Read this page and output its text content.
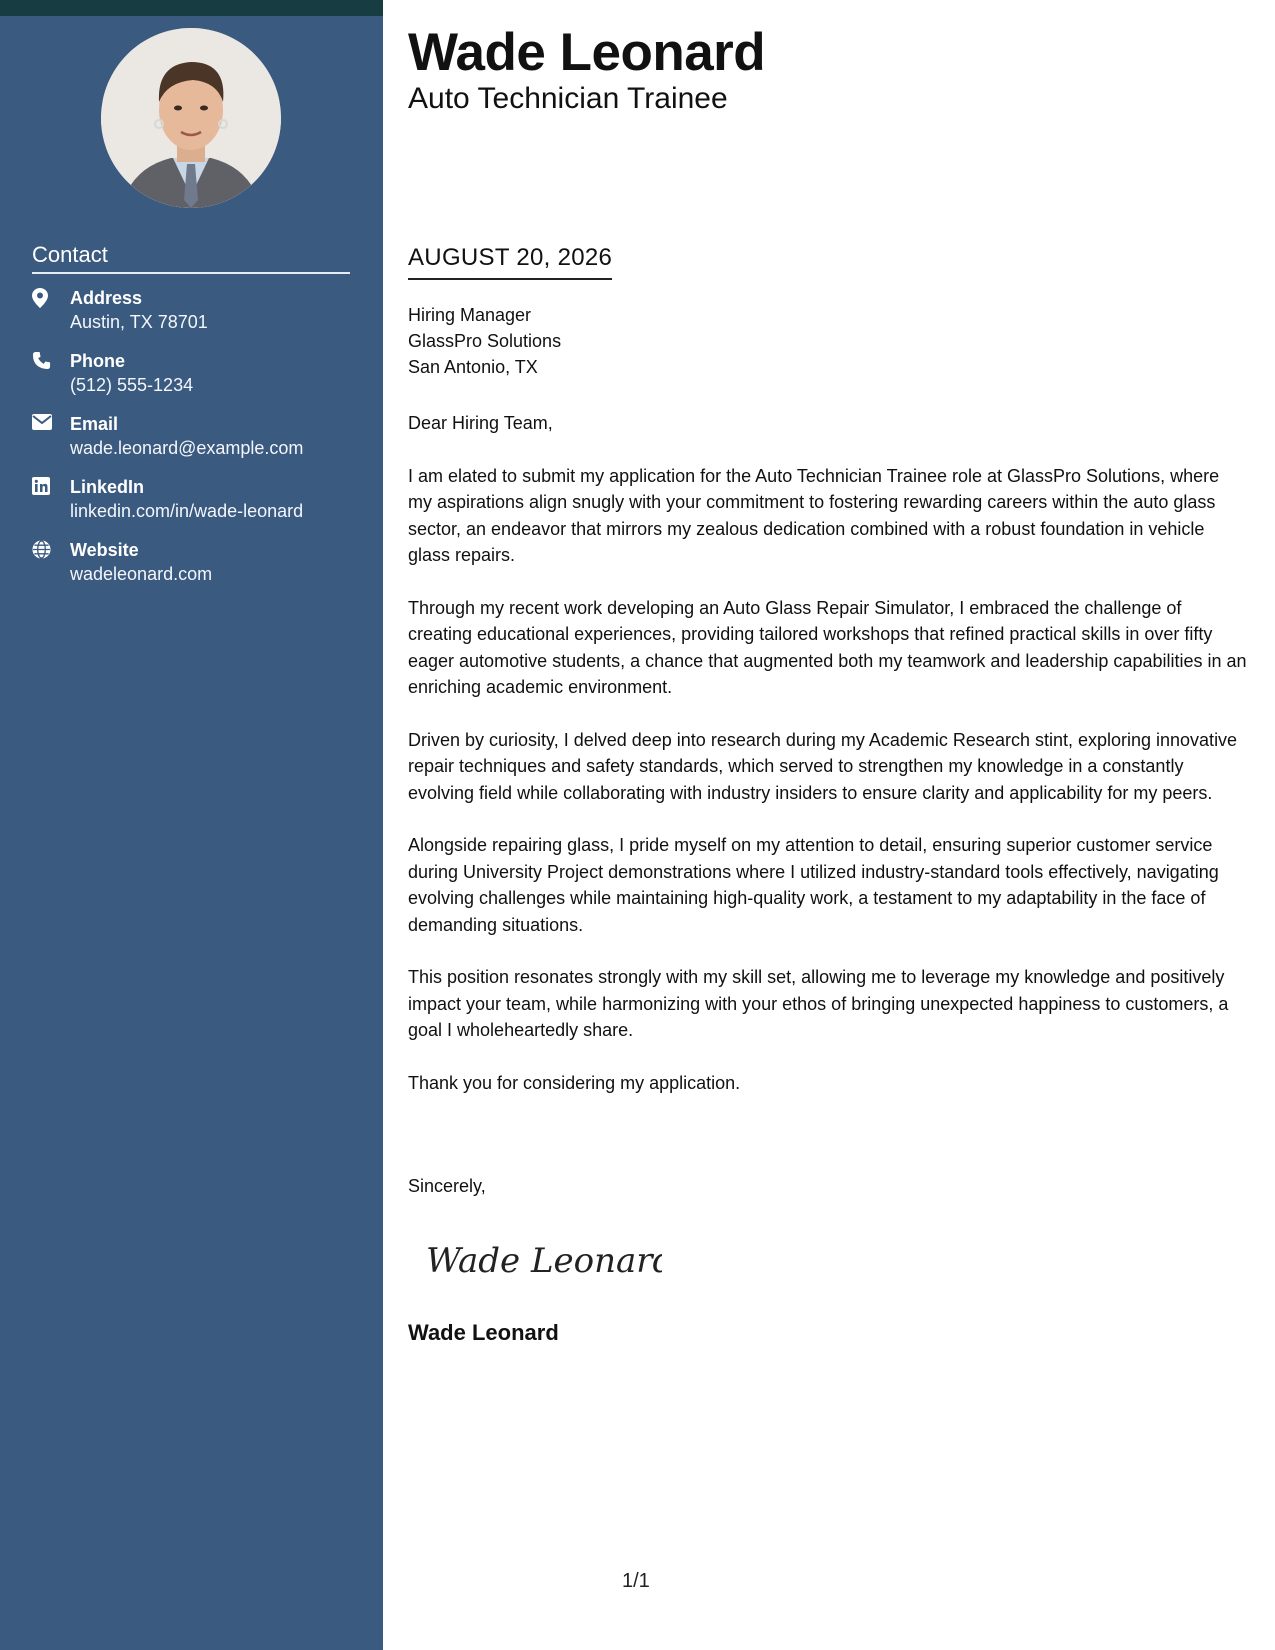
Contact
Address
Austin, TX 78701
Phone
(512) 555-1234
Email
wade.leonard@example.com
LinkedIn
linkedin.com/in/wade-leonard
Website
wadeleonard.com
Wade Leonard
Auto Technician Trainee
AUGUST 20, 2026
Hiring Manager
GlassPro Solutions
San Antonio, TX

Dear Hiring Team,

I am elated to submit my application for the Auto Technician Trainee role at GlassPro Solutions, where my aspirations align snugly with your commitment to fostering rewarding careers within the auto glass sector, an endeavor that mirrors my zealous dedication combined with a robust foundation in vehicle glass repairs.

Through my recent work developing an Auto Glass Repair Simulator, I embraced the challenge of creating educational experiences, providing tailored workshops that refined practical skills in over fifty eager automotive students, a chance that augmented both my teamwork and leadership capabilities in an enriching academic environment.

Driven by curiosity, I delved deep into research during my Academic Research stint, exploring innovative repair techniques and safety standards, which served to strengthen my knowledge in a constantly evolving field while collaborating with industry insiders to ensure clarity and applicability for my peers.

Alongside repairing glass, I pride myself on my attention to detail, ensuring superior customer service during University Project demonstrations where I utilized industry-standard tools effectively, navigating evolving challenges while maintaining high-quality work, a testament to my adaptability in the face of demanding situations.

This position resonates strongly with my skill set, allowing me to leverage my knowledge and positively impact your team, while harmonizing with your ethos of bringing unexpected happiness to customers, a goal I wholeheartedly share.

Thank you for considering my application.

Sincerely,
Wade Leonard
Wade Leonard
1/1
